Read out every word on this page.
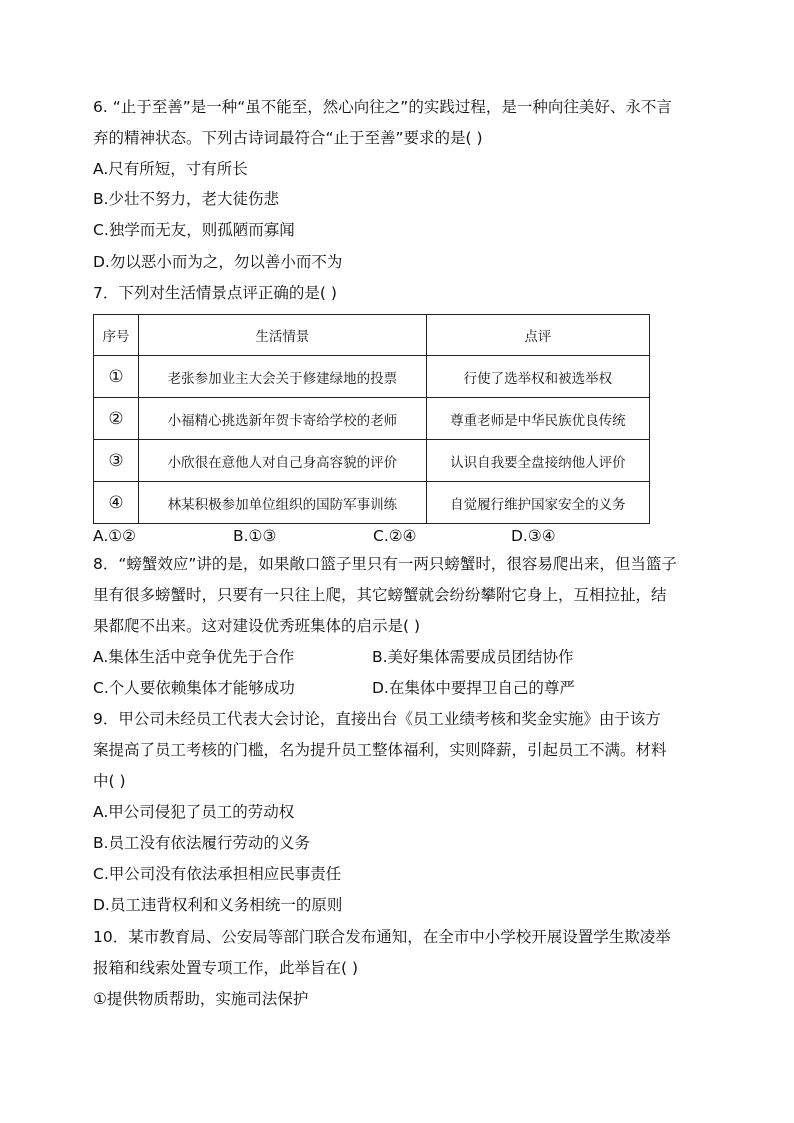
6. “止于至善”是一种“虽不能至，然心向往之”的实践过程，是一种向往美好、永不言
弃的精神状态。下列古诗词最符合“止于至善”要求的是( )
A.尺有所短，寸有所长
B.少壮不努力，老大徒伤悲
C.独学而无友，则孤陋而寡闻
D.勿以恶小而为之，勿以善小而不为
7．下列对生活情景点评正确的是( )
序号	生活情景	点评
①	老张参加业主大会关于修建绿地的投票	行使了选举权和被选举权
②	小福精心挑选新年贺卡寄给学校的老师	尊重老师是中华民族优良传统
③	小欣很在意他人对自己身高容貌的评价	认识自我要全盘接纳他人评价
④	林某积极参加单位组织的国防军事训练	自觉履行维护国家安全的义务
A.①②	B.①③	C.②④	D.③④
8．“螃蟹效应”讲的是，如果敞口篮子里只有一两只螃蟹时，很容易爬出来，但当篮子
里有很多螃蟹时，只要有一只往上爬，其它螃蟹就会纷纷攀附它身上，互相拉扯，结
果都爬不出来。这对建设优秀班集体的启示是( )
A.集体生活中竞争优先于合作	B.美好集体需要成员团结协作
C.个人要依赖集体才能够成功	D.在集体中要捍卫自己的尊严
9．甲公司未经员工代表大会讨论，直接出台《员工业绩考核和奖金实施》由于该方
案提高了员工考核的门槛，名为提升员工整体福利，实则降薪，引起员工不满。材料
中( )
A.甲公司侵犯了员工的劳动权
B.员工没有依法履行劳动的义务
C.甲公司没有依法承担相应民事责任
D.员工违背权利和义务相统一的原则
10．某市教育局、公安局等部门联合发布通知，在全市中小学校开展设置学生欺凌举
报箱和线索处置专项工作，此举旨在( )
①提供物质帮助，实施司法保护
